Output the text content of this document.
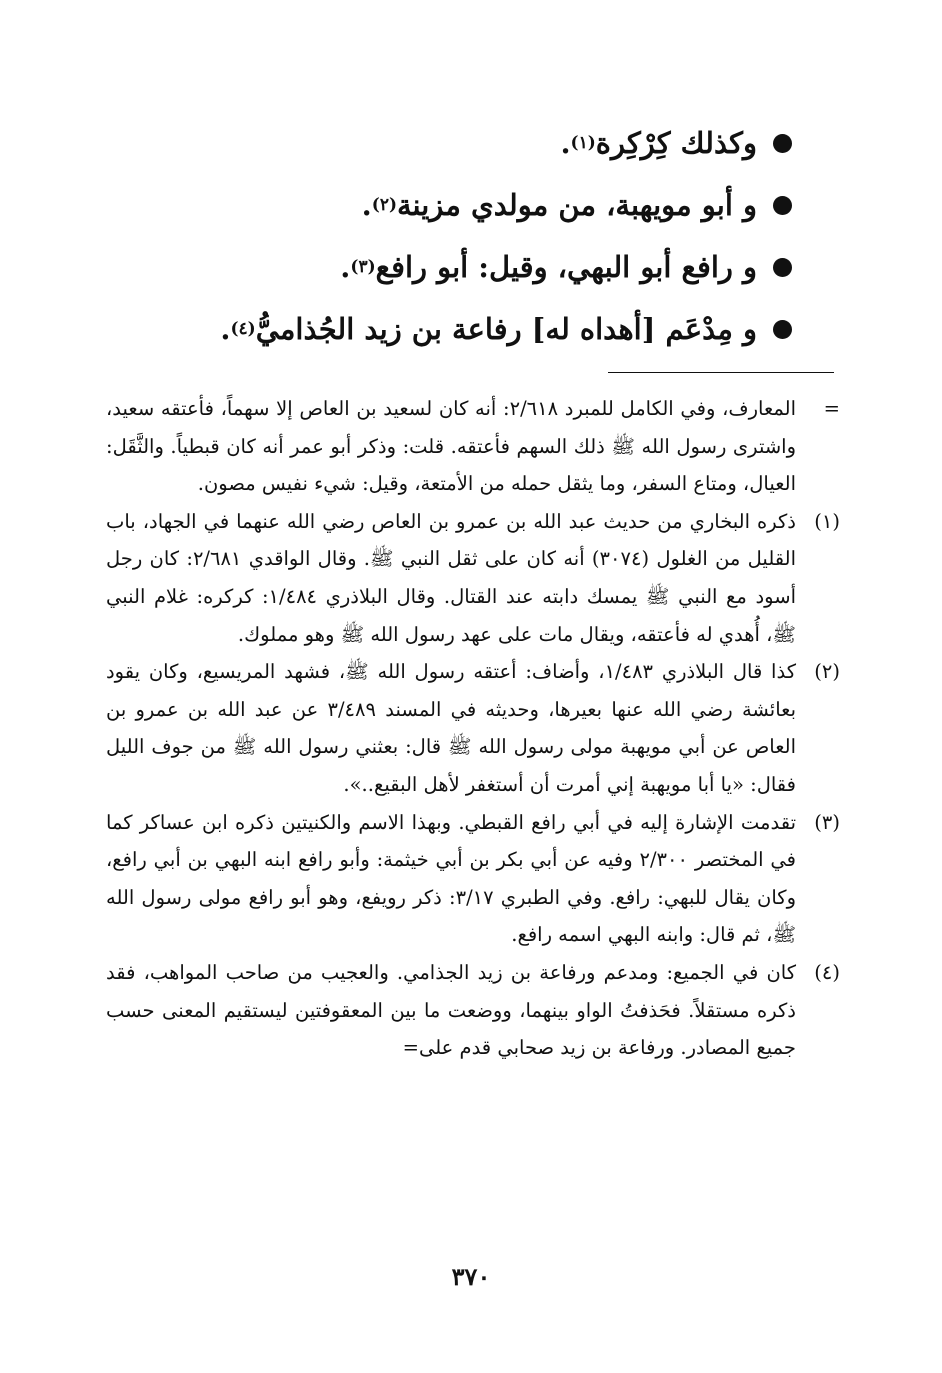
وكذلك كِرْكِرة
(١)
.
و أبو مويهبة، من مولدي مزينة
(٢)
.
و رافع أبو البهي، وقيل: أبو رافع
(٣)
.
و مِدْعَم [أهداه له] رفاعة بن زيد الجُذاميُّ
(٤)
.
=
المعارف، وفي الكامل للمبرد ٢/٦١٨: أنه كان لسعيد بن العاص إلا سهماً، فأعتقه سعيد، واشترى رسول الله ﷺ ذلك السهم فأعتقه. قلت: وذكر أبو عمر أنه كان قبطياً. والثَّقَل: العيال، ومتاع السفر، وما يثقل حمله من الأمتعة، وقيل: شيء نفيس مصون.
(١)
ذكره البخاري من حديث عبد الله بن عمرو بن العاص رضي الله عنهما في الجهاد، باب القليل من الغلول (٣٠٧٤) أنه كان على ثقل النبي ﷺ. وقال الواقدي ٢/٦٨١: كان رجل أسود مع النبي ﷺ يمسك دابته عند القتال. وقال البلاذري ١/٤٨٤: كركره: غلام النبي ﷺ، أُهدي له فأعتقه، ويقال مات على عهد رسول الله ﷺ وهو مملوك.
(٢)
كذا قال البلاذري ١/٤٨٣، وأضاف: أعتقه رسول الله ﷺ، فشهد المريسيع، وكان يقود بعائشة رضي الله عنها بعيرها، وحديثه في المسند ٣/٤٨٩ عن عبد الله بن عمرو بن العاص عن أبي مويهبة مولى رسول الله ﷺ قال: بعثني رسول الله ﷺ من جوف الليل فقال: «يا أبا مويهبة إني أمرت أن أستغفر لأهل البقيع..».
(٣)
تقدمت الإشارة إليه في أبي رافع القبطي. وبهذا الاسم والكنيتين ذكره ابن عساكر كما في المختصر ٢/٣٠٠ وفيه عن أبي بكر بن أبي خيثمة: وأبو رافع ابنه البهي بن أبي رافع، وكان يقال للبهي: رافع. وفي الطبري ٣/١٧: ذكر رويفع، وهو أبو رافع مولى رسول الله ﷺ، ثم قال: وابنه البهي اسمه رافع.
(٤)
كان في الجميع: ومدعم ورفاعة بن زيد الجذامي. والعجيب من صاحب المواهب، فقد ذكره مستقلاً. فحَذفتُ الواو بينهما، ووضعت ما بين المعقوفتين ليستقيم المعنى حسب جميع المصادر. ورفاعة بن زيد صحابي قدم على=
٣٧٠
